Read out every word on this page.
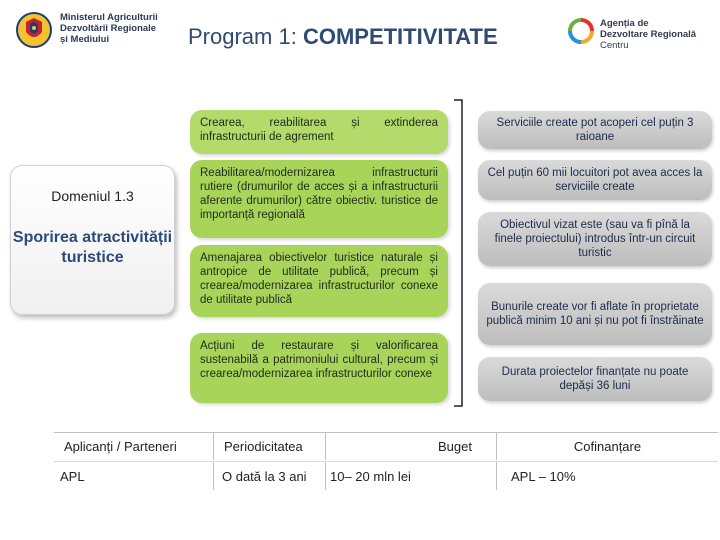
Ministerul Agriculturii
Dezvoltării Regionale
și Mediului	Program 1: COMPETITIVITATE
Agenția de
Dezvoltare Regională
Centru
Domeniul 1.3
Sporirea atractivității turistice
Crearea, reabilitarea și extinderea infrastructurii de agrement
Reabilitarea/modernizarea infrastructurii rutiere (drumurilor de acces și a infrastructurii aferente drumurilor) către obiectiv. turistice de importanță regională
Amenajarea obiectivelor turistice naturale și antropice de utilitate publică, precum și crearea/modernizarea infrastructurilor conexe de utilitate publică
Acțiuni de restaurare și valorificarea sustenabilă a patrimoniului cultural, precum și crearea/modernizarea infrastructurilor conexe
Serviciile create pot acoperi cel puțin 3 raioane
Cel puțin 60 mii locuitori pot avea acces la serviciile create
Obiectivul vizat este (sau va fi pînă la finele proiectului) introdus într-un circuit turistic
Bunurile create vor fi aflate în proprietate publică minim 10 ani și nu pot fi înstrăinate
Durata proiectelor finanțate nu poate depăși 36 luni
Aplicanți / Parteneri	Periodicitatea	Buget	Cofinanțare
APL	O dată la 3 ani	10– 20 mln lei	APL – 10%
